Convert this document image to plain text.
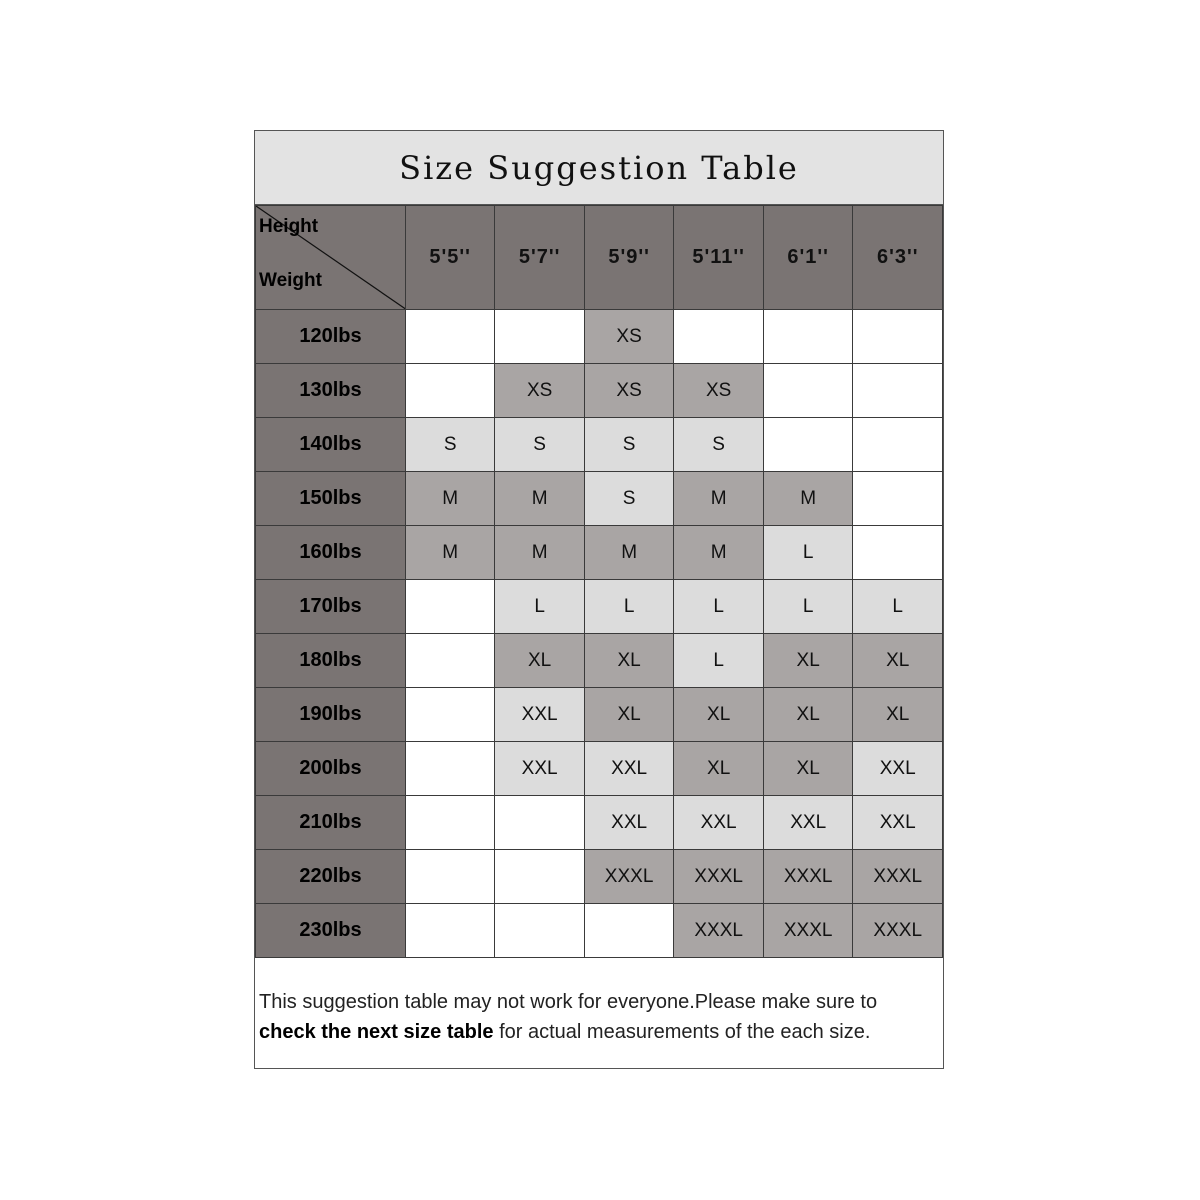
Size Suggestion Table
Height
Weight	5'5''	5'7''	5'9''	5'11''	6'1''	6'3''
120lbs			XS			
130lbs		XS	XS	XS		
140lbs	S	S	S	S		
150lbs	M	M	S	M	M	
160lbs	M	M	M	M	L	
170lbs		L	L	L	L	L
180lbs		XL	XL	L	XL	XL
190lbs		XXL	XL	XL	XL	XL
200lbs		XXL	XXL	XL	XL	XXL
210lbs			XXL	XXL	XXL	XXL
220lbs			XXXL	XXXL	XXXL	XXXL
230lbs				XXXL	XXXL	XXXL
This suggestion table may not work for everyone.Please make sure to check the next size table for actual measurements of the each size.
